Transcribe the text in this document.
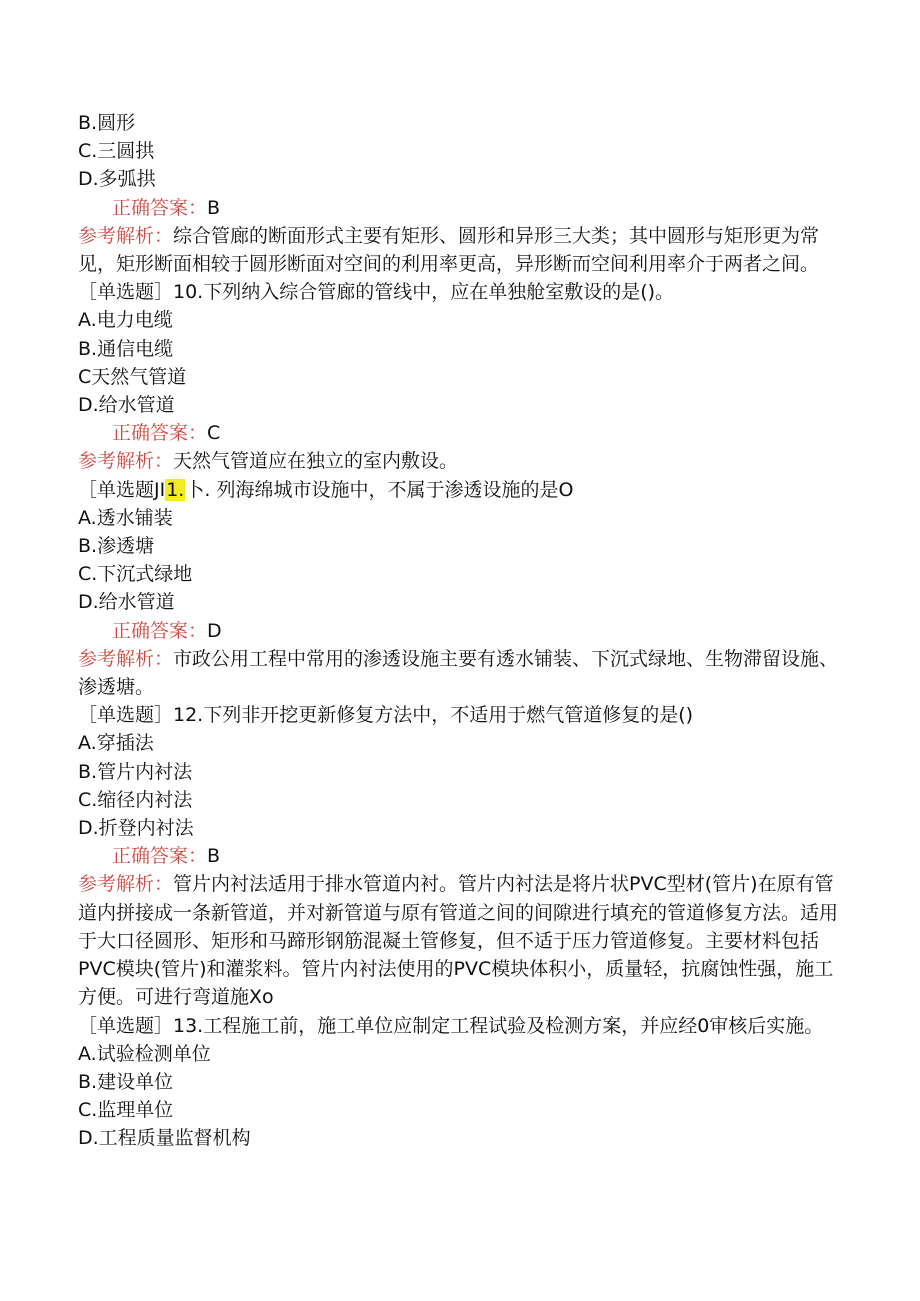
B.圆形
C.三圆拱
D.多弧拱
正确答案：B
参考解析：综合管廊的断面形式主要有矩形、圆形和异形三大类；其中圆形与矩形更为常见，矩形断面相较于圆形断面对空间的利用率更高，异形断而空间利用率介于两者之间。
［单选题］10.下列纳入综合管廊的管线中，应在单独舱室敷设的是()。
A.电力电缆
B.通信电缆
C天然气管道
D.给水管道
正确答案：C
参考解析：天然气管道应在独立的室内敷设。
［单选题JI1.卜. 列海绵城市设施中，不属于渗透设施的是O
A.透水铺装
B.渗透塘
C.下沉式绿地
D.给水管道
正确答案：D
参考解析：市政公用工程中常用的渗透设施主要有透水铺装、下沉式绿地、生物滞留设施、渗透塘。
［单选题］12.下列非开挖更新修复方法中，不适用于燃气管道修复的是()
A.穿插法
B.管片内衬法
C.缩径内衬法
D.折登内衬法
正确答案：B
参考解析：管片内衬法适用于排水管道内衬。管片内衬法是将片状PVC型材(管片)在原有管道内拼接成一条新管道，并对新管道与原有管道之间的间隙进行填充的管道修复方法。适用于大口径圆形、矩形和马蹄形钢筋混凝土管修复，但不适于压力管道修复。主要材料包括PVC模块(管片)和灌浆料。管片内衬法使用的PVC模块体积小，质量轻，抗腐蚀性强，施工方便。可进行弯道施Xo
［单选题］13.工程施工前，施工单位应制定工程试验及检测方案，并应经0审核后实施。
A.试验检测单位
B.建设单位
C.监理单位
D.工程质量监督机构
